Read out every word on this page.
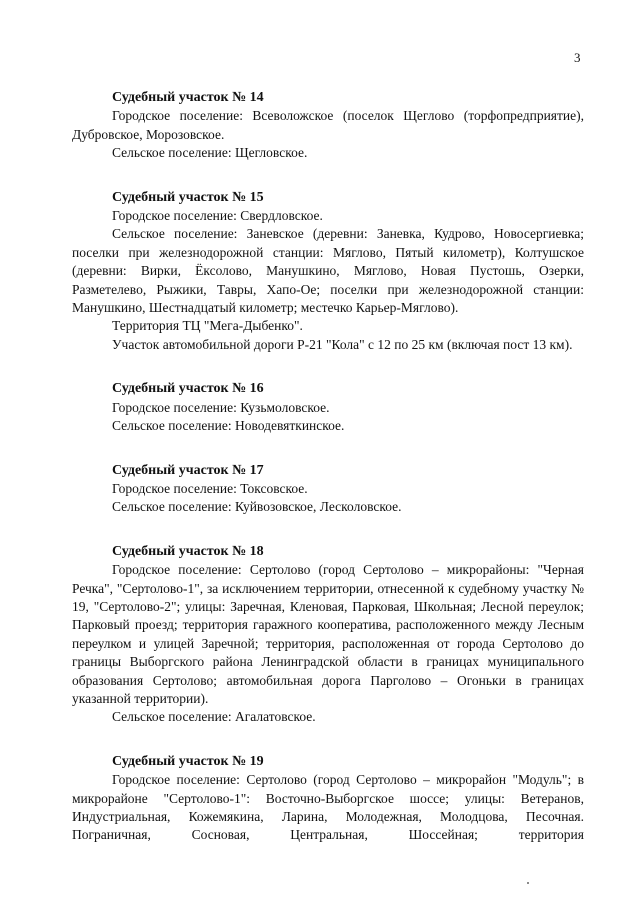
3

Судебный участок № 14

Городское поселение: Всеволожское (поселок Щеглово (торфопредприятие), Дубровское, Морозовское.

Сельское поселение: Щегловское.

Судебный участок № 15

Городское поселение: Свердловское.

Сельское поселение: Заневское (деревни: Заневка, Кудрово, Новосергиевка; поселки при железнодорожной станции: Мяглово, Пятый километр), Колтушское (деревни: Вирки, Ёксолово, Манушкино, Мяглово, Новая Пустошь, Озерки, Разметелево, Рыжики, Тавры, Хапо-Ое; поселки при железнодорожной станции: Манушкино, Шестнадцатый километр; местечко Карьер-Мяглово).

Территория ТЦ "Мега-Дыбенко".

Участок автомобильной дороги Р-21 "Кола" с 12 по 25 км (включая пост 13 км).

Судебный участок № 16

Городское поселение: Кузьмоловское.

Сельское поселение: Новодевяткинское.

Судебный участок № 17

Городское поселение: Токсовское.

Сельское поселение: Куйвозовское, Лесколовское.

Судебный участок № 18

Городское поселение: Сертолово (город Сертолово – микрорайоны: "Черная Речка", "Сертолово-1", за исключением территории, отнесенной к судебному участку № 19, "Сертолово-2"; улицы: Заречная, Кленовая, Парковая, Школьная; Лесной переулок; Парковый проезд; территория гаражного кооператива, расположенного между Лесным переулком и улицей Заречной; территория, расположенная от города Сертолово до границы Выборгского района Ленинградской области в границах муниципального образования Сертолово; автомобильная дорога Парголово – Огоньки в границах указанной территории).

Сельское поселение: Агалатовское.

Судебный участок № 19

Городское поселение: Сертолово (город Сертолово – микрорайон "Модуль"; в микрорайоне "Сертолово-1": Восточно-Выборгское шоссе; улицы: Ветеранов, Индустриальная, Кожемякина, Ларина, Молодежная, Молодцова, Песочная. Пограничная, Сосновая, Центральная, Шоссейная; территория
